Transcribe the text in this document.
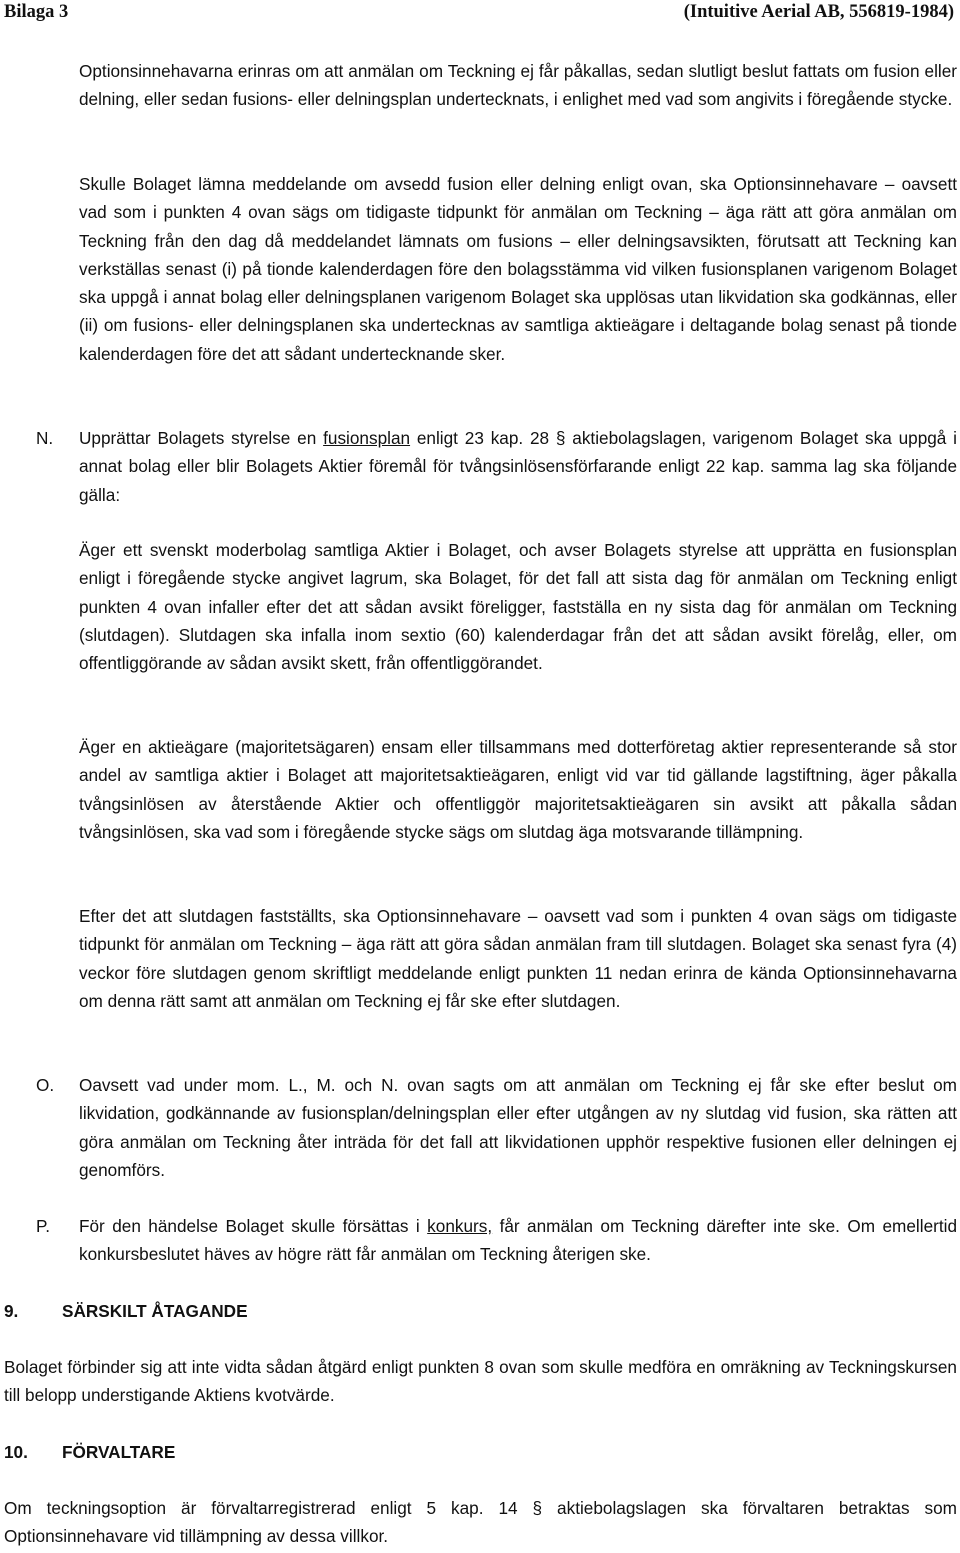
Bilaga 3	(Intuitive Aerial AB, 556819-1984)

Optionsinnehavarna erinras om att anmälan om Teckning ej får påkallas, sedan slutligt beslut fattats om fusion eller delning, eller sedan fusions- eller delningsplan undertecknats, i enlighet med vad som angivits i föregående stycke.

Skulle Bolaget lämna meddelande om avsedd fusion eller delning enligt ovan, ska Optionsinnehavare – oavsett vad som i punkten 4 ovan sägs om tidigaste tidpunkt för anmälan om Teckning – äga rätt att göra anmälan om Teckning från den dag då meddelandet lämnats om fusions – eller delningsavsikten, förutsatt att Teckning kan verkställas senast (i) på tionde kalenderdagen före den bolagsstämma vid vilken fusionsplanen varigenom Bolaget ska uppgå i annat bolag eller delningsplanen varigenom Bolaget ska upplösas utan likvidation ska godkännas, eller (ii) om fusions- eller delningsplanen ska undertecknas av samtliga aktieägare i deltagande bolag senast på tionde kalenderdagen före det att sådant undertecknande sker.

N.	Upprättar Bolagets styrelse en fusionsplan enligt 23 kap. 28 § aktiebolagslagen, varigenom Bolaget ska uppgå i annat bolag eller blir Bolagets Aktier föremål för tvångsinlösensförfarande enligt 22 kap. samma lag ska följande gälla:

Äger ett svenskt moderbolag samtliga Aktier i Bolaget, och avser Bolagets styrelse att upprätta en fusionsplan enligt i föregående stycke angivet lagrum, ska Bolaget, för det fall att sista dag för anmälan om Teckning enligt punkten 4 ovan infaller efter det att sådan avsikt föreligger, fastställa en ny sista dag för anmälan om Teckning (slutdagen). Slutdagen ska infalla inom sextio (60) kalenderdagar från det att sådan avsikt förelåg, eller, om offentliggörande av sådan avsikt skett, från offentliggörandet.

Äger en aktieägare (majoritetsägaren) ensam eller tillsammans med dotterföretag aktier representerande så stor andel av samtliga aktier i Bolaget att majoritetsaktieägaren, enligt vid var tid gällande lagstiftning, äger påkalla tvångsinlösen av återstående Aktier och offentliggör majoritetsaktieägaren sin avsikt att påkalla sådan tvångsinlösen, ska vad som i föregående stycke sägs om slutdag äga motsvarande tillämpning.

Efter det att slutdagen fastställts, ska Optionsinnehavare – oavsett vad som i punkten 4 ovan sägs om tidigaste tidpunkt för anmälan om Teckning – äga rätt att göra sådan anmälan fram till slutdagen. Bolaget ska senast fyra (4) veckor före slutdagen genom skriftligt meddelande enligt punkten 11 nedan erinra de kända Optionsinnehavarna om denna rätt samt att anmälan om Teckning ej får ske efter slutdagen.

O.	Oavsett vad under mom. L., M. och N. ovan sagts om att anmälan om Teckning ej får ske efter beslut om likvidation, godkännande av fusionsplan/delningsplan eller efter utgången av ny slutdag vid fusion, ska rätten att göra anmälan om Teckning åter inträda för det fall att likvidationen upphör respektive fusionen eller delningen ej genomförs.
P.	För den händelse Bolaget skulle försättas i konkurs, får anmälan om Teckning därefter inte ske. Om emellertid konkursbeslutet häves av högre rätt får anmälan om Teckning återigen ske.
9.	SÄRSKILT ÅTAGANDE

Bolaget förbinder sig att inte vidta sådan åtgärd enligt punkten 8 ovan som skulle medföra en omräkning av Teckningskursen till belopp understigande Aktiens kvotvärde.

10.	FÖRVALTARE

Om teckningsoption är förvaltarregistrerad enligt 5 kap. 14 § aktiebolagslagen ska förvaltaren betraktas som Optionsinnehavare vid tillämpning av dessa villkor.
